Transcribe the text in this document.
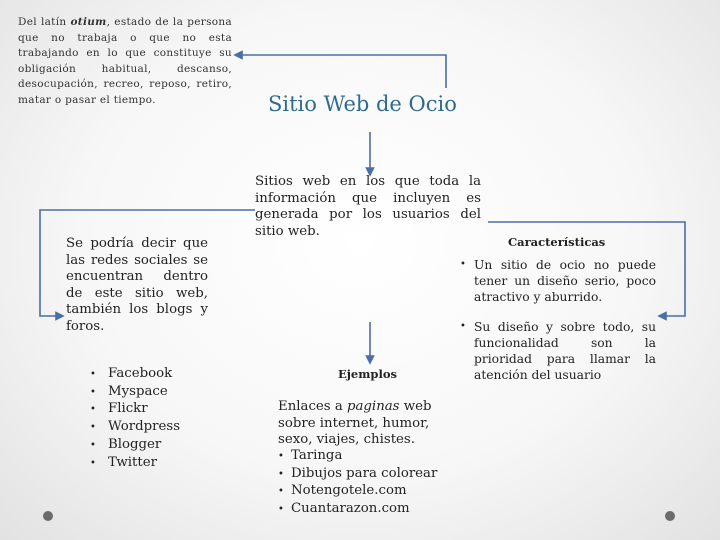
Del latín otium, estado de la persona que no trabaja o que no esta trabajando en lo que constituye su obligación habitual, descanso, desocupación, recreo, reposo, retiro, matar o pasar el tiempo.	Sitio Web de Ocio

Sitios web en los que toda la información que incluyen es generada por los usuarios del sitio web.

Se podría decir que las redes sociales se encuentran dentro de este sitio web, también los blogs y foros.

• Facebook
• Myspace
• Flickr
• Wordpress
• Blogger
• Twitter
Características
• Un sitio de ocio no puede tener un diseño serio, poco atractivo y aburrido.
• Su diseño y sobre todo, su funcionalidad son la prioridad para llamar la atención del usuario
Ejemplos

Enlaces a paginas web sobre internet, humor, sexo, viajes, chistes.

• Taringa
• Dibujos para colorear
• Notengotele.com
• Cuantarazon.com
